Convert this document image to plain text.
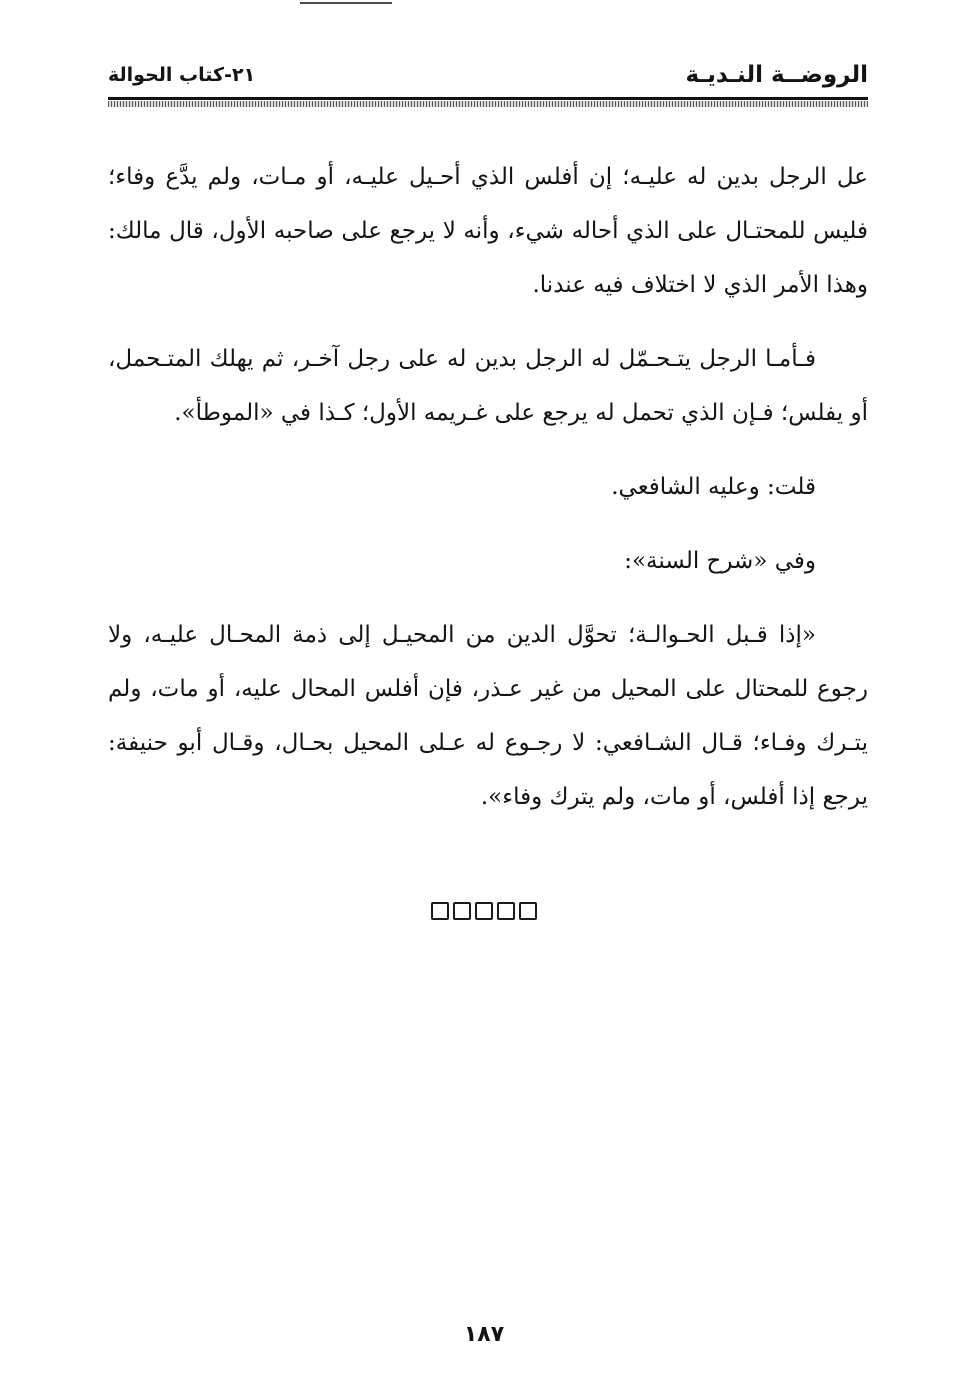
الروضــة النـديـة
٢١-كتاب الحوالة

عل الرجل بدين له عليـه؛ إن أفلس الذي أحـيل عليـه، أو مـات، ولم يدَّع وفاء؛ فليس للمحتـال على الذي أحاله شيء، وأنه لا يرجع على صاحبه الأول، قال مالك: وهذا الأمر الذي لا اختلاف فيه عندنا.

فـأمـا الرجل يتـحـمّل له الرجل بدين له على رجل آخـر، ثم يهلك المتـحمل، أو يفلس؛ فـإن الذي تحمل له يرجع على غـريمه الأول؛ كـذا في «الموطأ».

قلت: وعليه الشافعي.

وفي «شرح السنة»:

«إذا قـبل الحـوالـة؛ تحوَّل الدين من المحيـل إلى ذمة المحـال عليـه، ولا رجوع للمحتال على المحيل من غير عـذر، فإن أفلس المحال عليه، أو مات، ولم يتـرك وفـاء؛ قـال الشـافعي: لا رجـوع له عـلى المحيل بحـال، وقـال أبو حنيفة: يرجع إذا أفلس، أو مات، ولم يترك وفاء».

١٨٧
